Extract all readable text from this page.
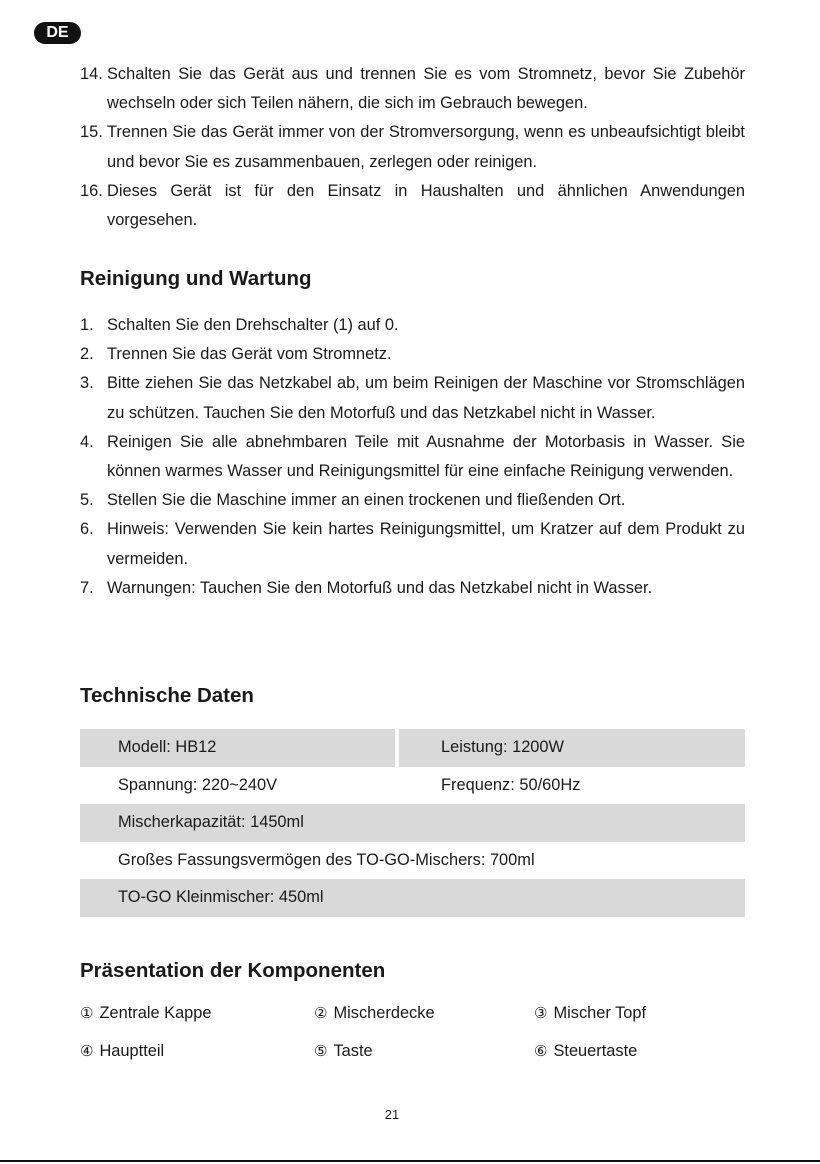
DE
14. Schalten Sie das Gerät aus und trennen Sie es vom Stromnetz, bevor Sie Zubehör wechseln oder sich Teilen nähern, die sich im Gebrauch bewegen.
15. Trennen Sie das Gerät immer von der Stromversorgung, wenn es unbeaufsichtigt bleibt und bevor Sie es zusammenbauen, zerlegen oder reinigen.
16. Dieses Gerät ist für den Einsatz in Haushalten und ähnlichen Anwendungen vorgesehen.
Reinigung und Wartung
1. Schalten Sie den Drehschalter (1) auf 0.
2. Trennen Sie das Gerät vom Stromnetz.
3. Bitte ziehen Sie das Netzkabel ab, um beim Reinigen der Maschine vor Stromschlägen zu schützen. Tauchen Sie den Motorfuß und das Netzkabel nicht in Wasser.
4. Reinigen Sie alle abnehmbaren Teile mit Ausnahme der Motorbasis in Wasser. Sie können warmes Wasser und Reinigungsmittel für eine einfache Reinigung verwenden.
5. Stellen Sie die Maschine immer an einen trockenen und fließenden Ort.
6. Hinweis: Verwenden Sie kein hartes Reinigungsmittel, um Kratzer auf dem Produkt zu vermeiden.
7. Warnungen: Tauchen Sie den Motorfuß und das Netzkabel nicht in Wasser.
Technische Daten
Modell: HB12	Leistung: 1200W
Spannung: 220~240V	Frequenz: 50/60Hz
Mischerkapazität: 1450ml
Großes Fassungsvermögen des TO-GO-Mischers: 700ml
TO-GO Kleinmischer: 450ml
Präsentation der Komponenten
① Zentrale Kappe	② Mischerdecke	③ Mischer Topf
④ Hauptteil	⑤ Taste	⑥ Steuertaste
21
